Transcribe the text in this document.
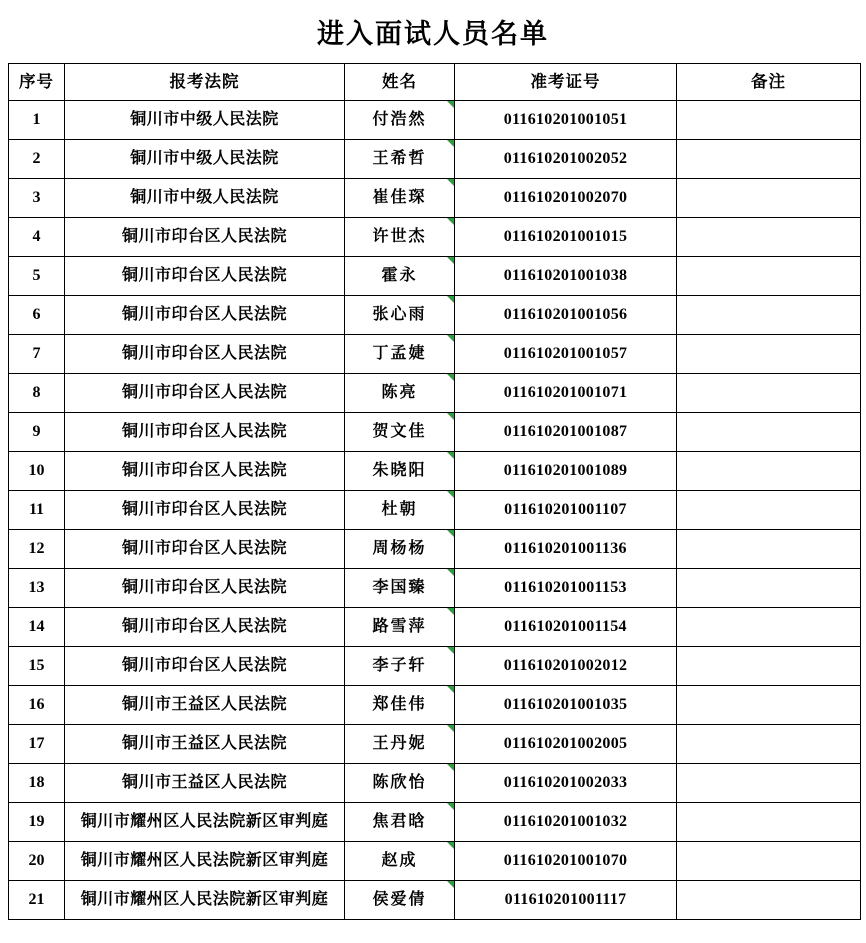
进入面试人员名单
序号	报考法院	姓名	准考证号	备注
1	铜川市中级人民法院	付浩然	011610201001051	
2	铜川市中级人民法院	王希哲	011610201002052	
3	铜川市中级人民法院	崔佳琛	011610201002070	
4	铜川市印台区人民法院	许世杰	011610201001015	
5	铜川市印台区人民法院	霍永	011610201001038	
6	铜川市印台区人民法院	张心雨	011610201001056	
7	铜川市印台区人民法院	丁孟婕	011610201001057	
8	铜川市印台区人民法院	陈亮	011610201001071	
9	铜川市印台区人民法院	贺文佳	011610201001087	
10	铜川市印台区人民法院	朱晓阳	011610201001089	
11	铜川市印台区人民法院	杜朝	011610201001107	
12	铜川市印台区人民法院	周杨杨	011610201001136	
13	铜川市印台区人民法院	李国臻	011610201001153	
14	铜川市印台区人民法院	路雪萍	011610201001154	
15	铜川市印台区人民法院	李子轩	011610201002012	
16	铜川市王益区人民法院	郑佳伟	011610201001035	
17	铜川市王益区人民法院	王丹妮	011610201002005	
18	铜川市王益区人民法院	陈欣怡	011610201002033	
19	铜川市耀州区人民法院新区审判庭	焦君晗	011610201001032	
20	铜川市耀州区人民法院新区审判庭	赵成	011610201001070	
21	铜川市耀州区人民法院新区审判庭	侯爱倩	011610201001117	
